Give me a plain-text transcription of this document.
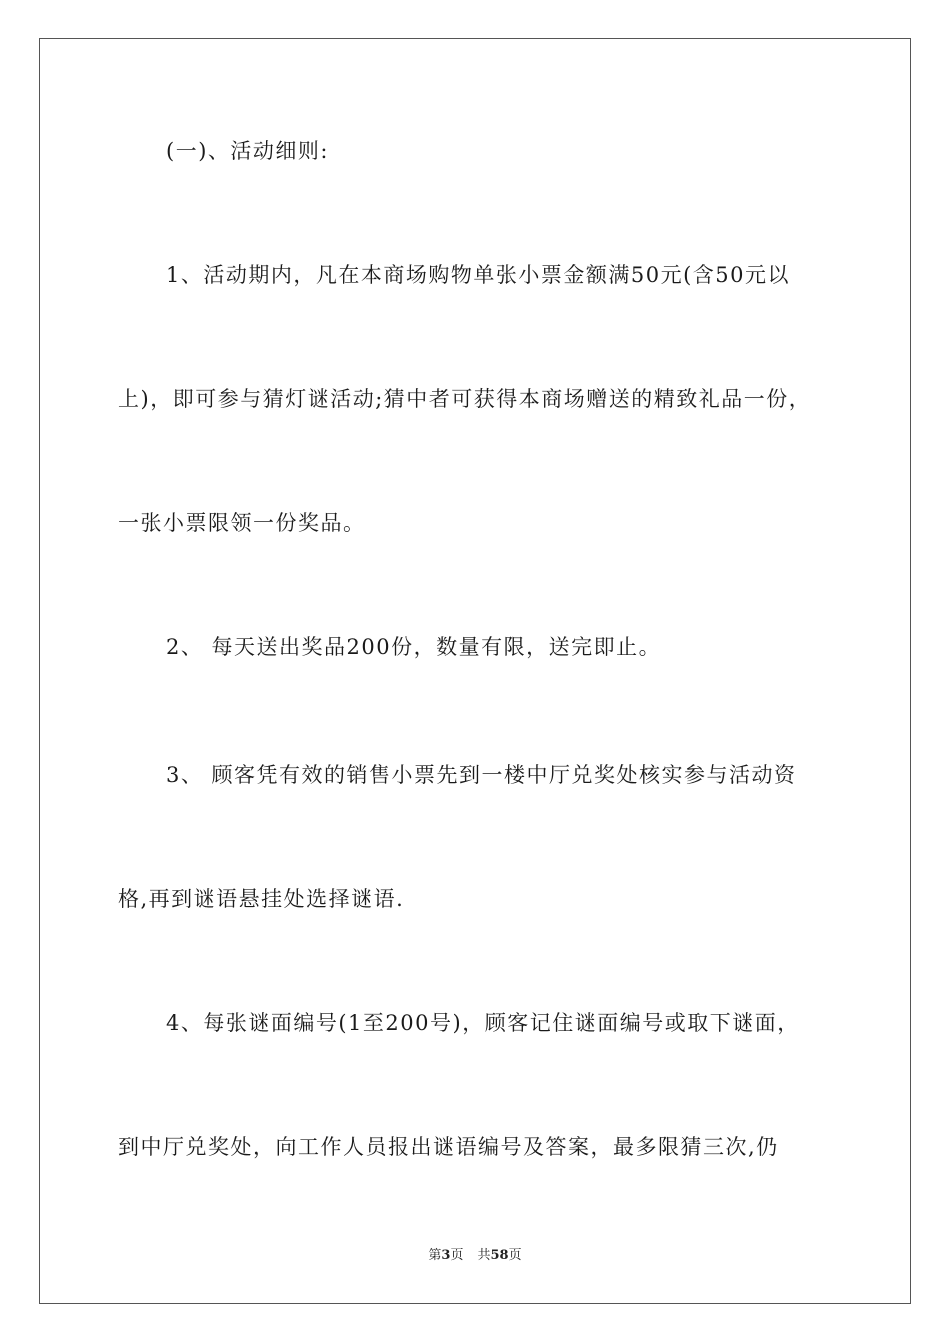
(一)、活动细则:
1、活动期内，凡在本商场购物单张小票金额满50元(含50元以
上)，即可参与猜灯谜活动;猜中者可获得本商场赠送的精致礼品一份，
一张小票限领一份奖品。
2、 每天送出奖品200份，数量有限，送完即止。
3、 顾客凭有效的销售小票先到一楼中厅兑奖处核实参与活动资
格,再到谜语悬挂处选择谜语.
4、每张谜面编号(1至200号)，顾客记住谜面编号或取下谜面，
到中厅兑奖处，向工作人员报出谜语编号及答案，最多限猜三次,仍
第3页 共58页
